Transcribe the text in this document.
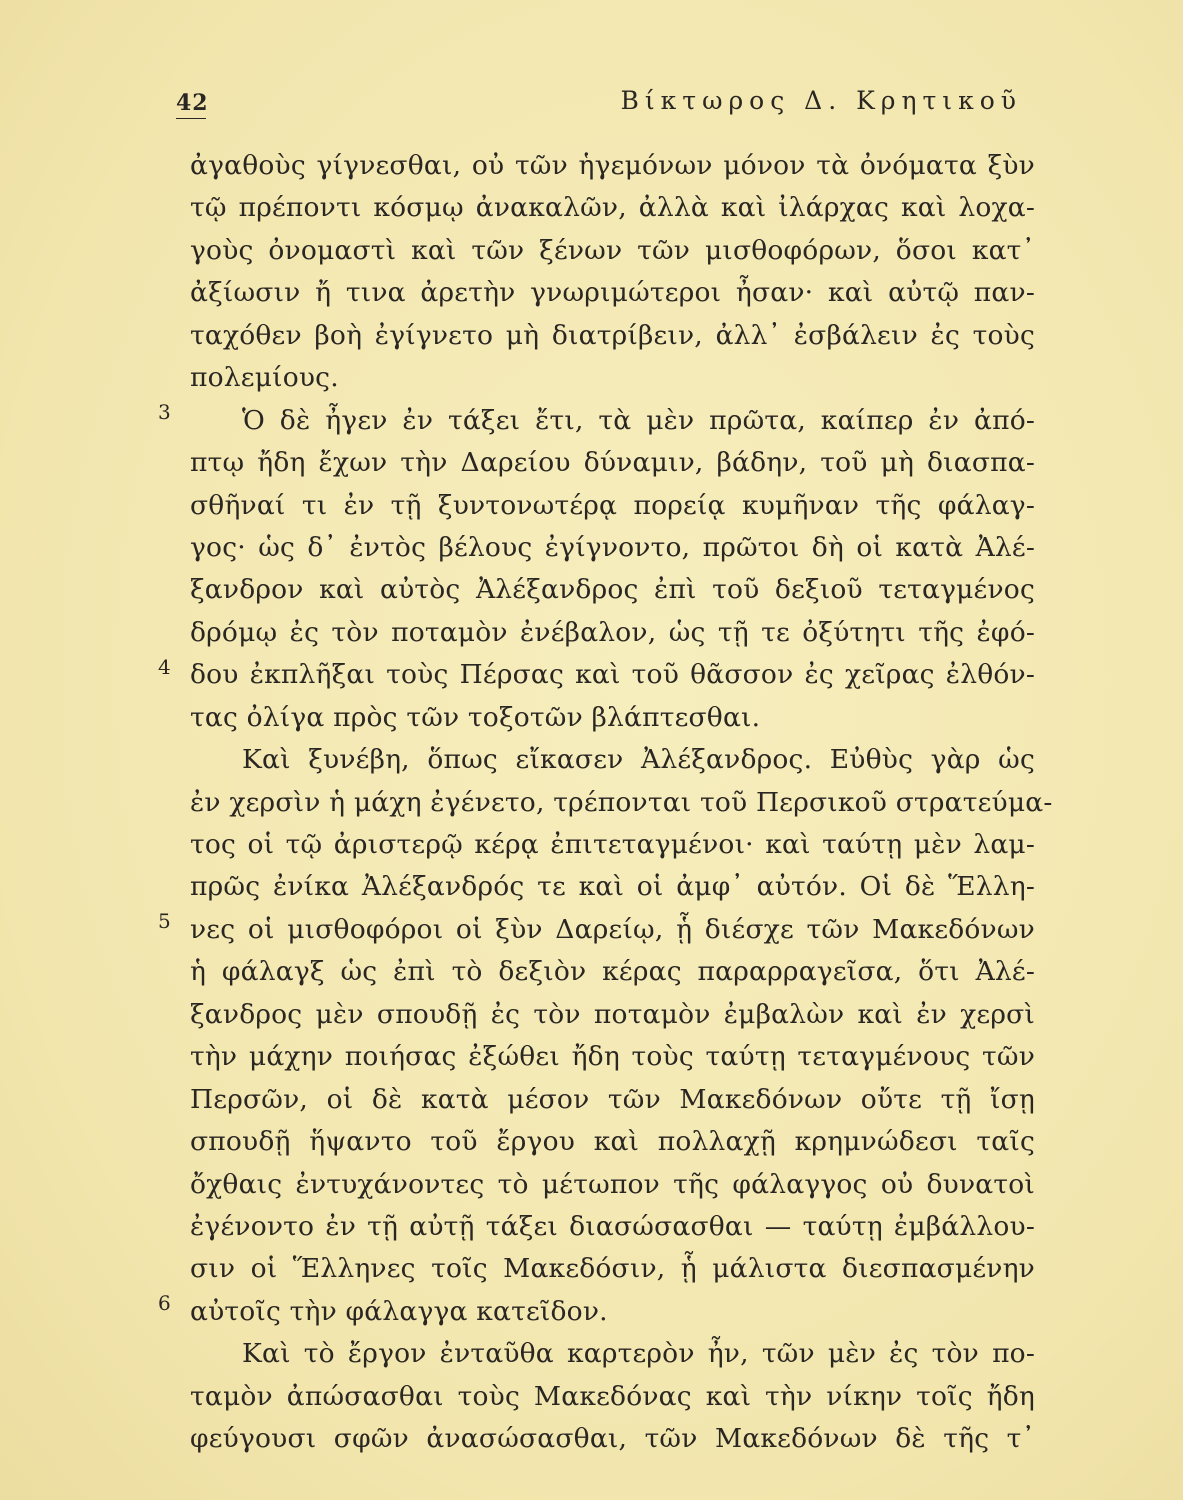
42	Βίκτωρος Δ. Κρητικοῦ
3
4
5
6
ἀγαθοὺς γίγνεσθαι, οὐ τῶν ἡγεμόνων μόνον τὰ ὀνόματα ξὺν
τῷ πρέποντι κόσμῳ ἀνακαλῶν, ἀλλὰ καὶ ἰλάρχας καὶ λοχα-
γοὺς ὀνομαστὶ καὶ τῶν ξένων τῶν μισθοφόρων, ὅσοι κατ᾽
ἀξίωσιν ἤ τινα ἀρετὴν γνωριμώτεροι ἦσαν· καὶ αὐτῷ παν-
ταχόθεν βοὴ ἐγίγνετο μὴ διατρίβειν, ἀλλ᾽ ἐσβάλειν ἐς τοὺς
πολεμίους.
Ὁ δὲ ἦγεν ἐν τάξει ἔτι, τὰ μὲν πρῶτα, καίπερ ἐν ἀπό-
πτῳ ἤδη ἔχων τὴν Δαρείου δύναμιν, βάδην, τοῦ μὴ διασπα-
σθῆναί τι ἐν τῇ ξυντονωτέρᾳ πορείᾳ κυμῆναν τῆς φάλαγ-
γος· ὡς δ᾽ ἐντὸς βέλους ἐγίγνοντο, πρῶτοι δὴ οἱ κατὰ Ἀλέ-
ξανδρον καὶ αὐτὸς Ἀλέξανδρος ἐπὶ τοῦ δεξιοῦ τεταγμένος
δρόμῳ ἐς τὸν ποταμὸν ἐνέβαλον, ὡς τῇ τε ὀξύτητι τῆς ἐφό-
δου ἐκπλῆξαι τοὺς Πέρσας καὶ τοῦ θᾶσσον ἐς χεῖρας ἐλθόν-
τας ὀλίγα πρὸς τῶν τοξοτῶν βλάπτεσθαι.
Καὶ ξυνέβη, ὅπως εἴκασεν Ἀλέξανδρος. Εὐθὺς γὰρ ὡς
ἐν χερσὶν ἡ μάχη ἐγένετο, τρέπονται τοῦ Περσικοῦ στρατεύμα-
τος οἱ τῷ ἀριστερῷ κέρᾳ ἐπιτεταγμένοι· καὶ ταύτῃ μὲν λαμ-
πρῶς ἐνίκα Ἀλέξανδρός τε καὶ οἱ ἀμφ᾽ αὐτόν. Οἱ δὲ Ἕλλη-
νες οἱ μισθοφόροι οἱ ξὺν Δαρείῳ, ᾗ διέσχε τῶν Μακεδόνων
ἡ φάλαγξ ὡς ἐπὶ τὸ δεξιὸν κέρας παραρραγεῖσα, ὅτι Ἀλέ-
ξανδρος μὲν σπουδῇ ἐς τὸν ποταμὸν ἐμβαλὼν καὶ ἐν χερσὶ
τὴν μάχην ποιήσας ἐξώθει ἤδη τοὺς ταύτῃ τεταγμένους τῶν
Περσῶν, οἱ δὲ κατὰ μέσον τῶν Μακεδόνων οὔτε τῇ ἴσῃ
σπουδῇ ἥψαντο τοῦ ἔργου καὶ πολλαχῇ κρημνώδεσι ταῖς
ὄχθαις ἐντυχάνοντες τὸ μέτωπον τῆς φάλαγγος οὐ δυνατοὶ
ἐγένοντο ἐν τῇ αὐτῇ τάξει διασώσασθαι — ταύτῃ ἐμβάλλου-
σιν οἱ Ἕλληνες τοῖς Μακεδόσιν, ᾗ μάλιστα διεσπασμένην
αὐτοῖς τὴν φάλαγγα κατεῖδον.
Καὶ τὸ ἔργον ἐνταῦθα καρτερὸν ἦν, τῶν μὲν ἐς τὸν πο-
ταμὸν ἀπώσασθαι τοὺς Μακεδόνας καὶ τὴν νίκην τοῖς ἤδη
φεύγουσι σφῶν ἀνασώσασθαι, τῶν Μακεδόνων δὲ τῆς τ᾽
